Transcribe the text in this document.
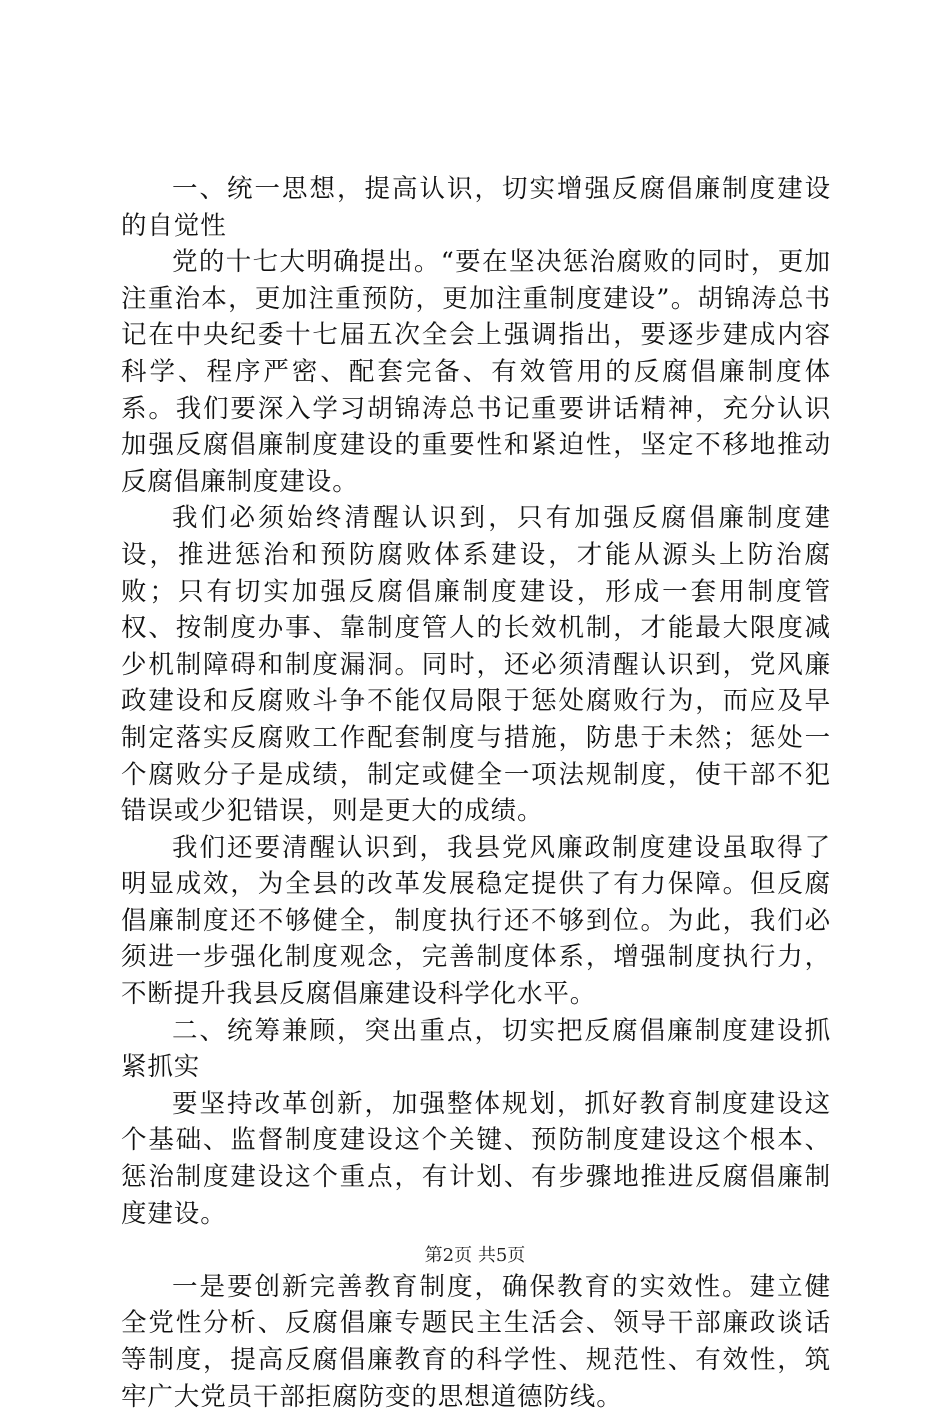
一、统一思想，提高认识，切实增强反腐倡廉制度建设的自觉性

党的十七大明确提出。“要在坚决惩治腐败的同时，更加注重治本，更加注重预防，更加注重制度建设”。胡锦涛总书记在中央纪委十七届五次全会上强调指出，要逐步建成内容科学、程序严密、配套完备、有效管用的反腐倡廉制度体系。我们要深入学习胡锦涛总书记重要讲话精神，充分认识加强反腐倡廉制度建设的重要性和紧迫性，坚定不移地推动反腐倡廉制度建设。

我们必须始终清醒认识到，只有加强反腐倡廉制度建设，推进惩治和预防腐败体系建设，才能从源头上防治腐败；只有切实加强反腐倡廉制度建设，形成一套用制度管权、按制度办事、靠制度管人的长效机制，才能最大限度减少机制障碍和制度漏洞。同时，还必须清醒认识到，党风廉政建设和反腐败斗争不能仅局限于惩处腐败行为，而应及早制定落实反腐败工作配套制度与措施，防患于未然；惩处一个腐败分子是成绩，制定或健全一项法规制度，使干部不犯错误或少犯错误，则是更大的成绩。

我们还要清醒认识到，我县党风廉政制度建设虽取得了明显成效，为全县的改革发展稳定提供了有力保障。但反腐倡廉制度还不够健全，制度执行还不够到位。为此，我们必须进一步强化制度观念，完善制度体系，增强制度执行力，不断提升我县反腐倡廉建设科学化水平。

二、统筹兼顾，突出重点，切实把反腐倡廉制度建设抓紧抓实

要坚持改革创新，加强整体规划，抓好教育制度建设这个基础、监督制度建设这个关键、预防制度建设这个根本、惩治制度建设这个重点，有计划、有步骤地推进反腐倡廉制度建设。

一是要创新完善教育制度，确保教育的实效性。建立健全党性分析、反腐倡廉专题民主生活会、领导干部廉政谈话等制度，提高反腐倡廉教育的科学性、规范性、有效性，筑牢广大党员干部拒腐防变的思想道德防线。

第2页 共5页
